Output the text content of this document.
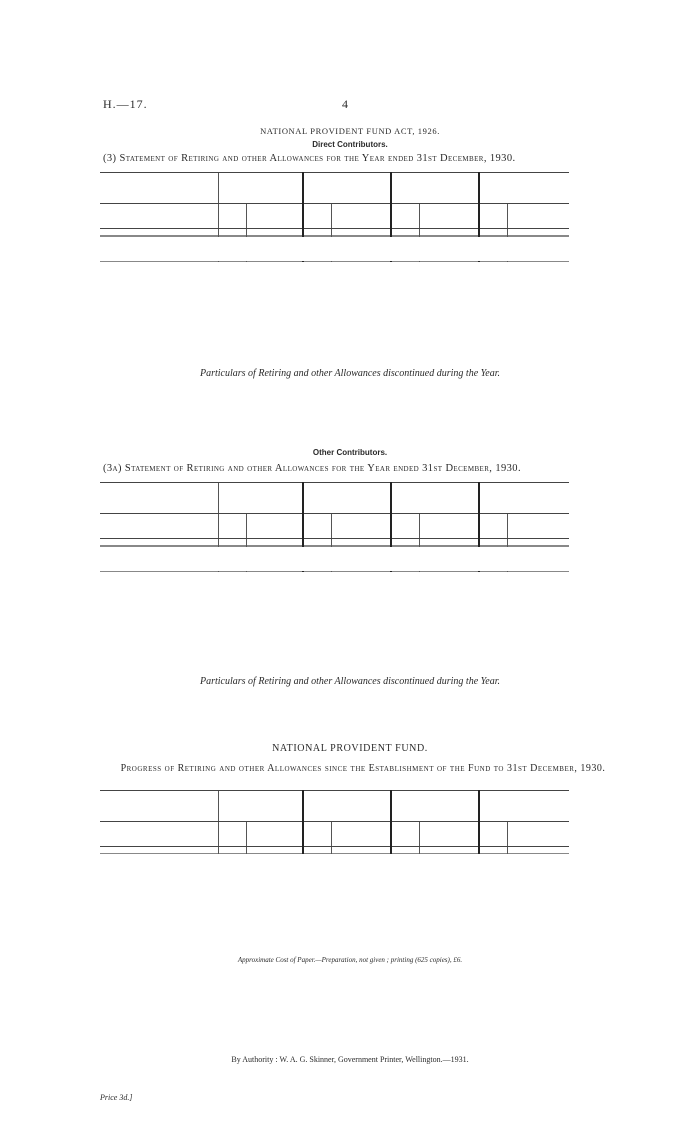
H.—17.	4
NATIONAL PROVIDENT FUND ACT, 1926.
Direct Contributors.
(3) Statement of Retiring and other Allowances for the Year ended 31st December, 1930.

Particulars of Retiring and other Allowances discontinued during the Year.
Other Contributors.
(3a) Statement of Retiring and other Allowances for the Year ended 31st December, 1930.

Particulars of Retiring and other Allowances discontinued during the Year.
NATIONAL PROVIDENT FUND.
Progress of Retiring and other Allowances since the Establishment of the Fund to 31st December, 1930.

Approximate Cost of Paper.—Preparation, not given ; printing (625 copies), £6.
By Authority : W. A. G. Skinner, Government Printer, Wellington.—1931.
Price 3d.]
